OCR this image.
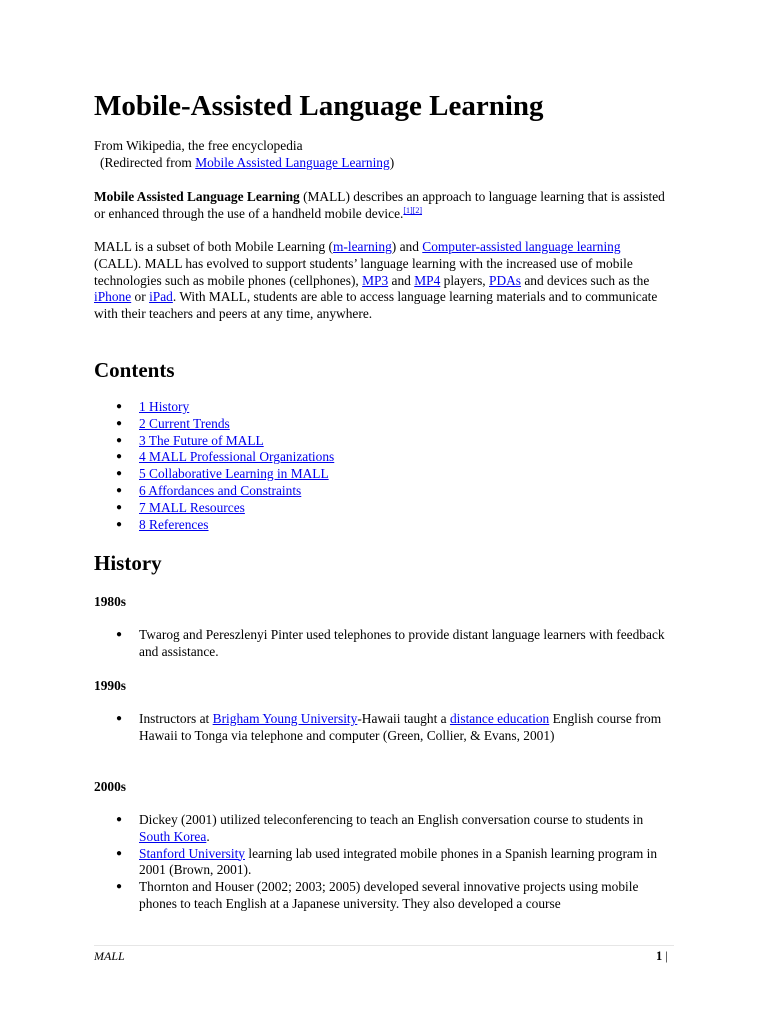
Mobile-Assisted Language Learning
From Wikipedia, the free encyclopedia
(Redirected from Mobile Assisted Language Learning)
Mobile Assisted Language Learning (MALL) describes an approach to language learning that is assisted or enhanced through the use of a handheld mobile device.[1][2]
MALL is a subset of both Mobile Learning (m-learning) and Computer-assisted language learning (CALL). MALL has evolved to support students’ language learning with the increased use of mobile technologies such as mobile phones (cellphones), MP3 and MP4 players, PDAs and devices such as the iPhone or iPad. With MALL, students are able to access language learning materials and to communicate with their teachers and peers at any time, anywhere.
Contents
● 1 History
● 2 Current Trends
● 3 The Future of MALL
● 4 MALL Professional Organizations
● 5 Collaborative Learning in MALL
● 6 Affordances and Constraints
● 7 MALL Resources
● 8 References
History
1980s
● Twarog and Pereszlenyi Pinter used telephones to provide distant language learners with feedback and assistance.
1990s
● Instructors at Brigham Young University-Hawaii taught a distance education English course from Hawaii to Tonga via telephone and computer (Green, Collier, & Evans, 2001)
2000s
● Dickey (2001) utilized teleconferencing to teach an English conversation course to students in South Korea.
● Stanford University learning lab used integrated mobile phones in a Spanish learning program in 2001 (Brown, 2001).
● Thornton and Houser (2002; 2003; 2005) developed several innovative projects using mobile phones to teach English at a Japanese university. They also developed a course
MALL	1 |
